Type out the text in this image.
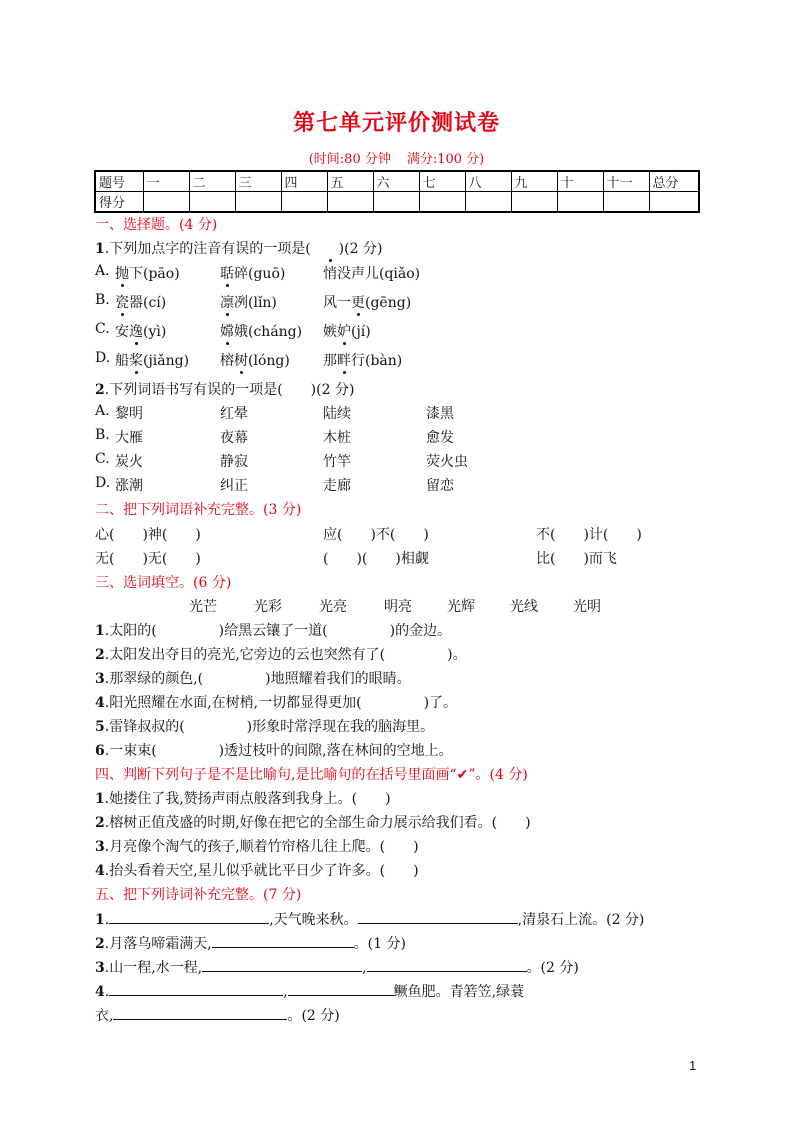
第七单元评价测试卷
(时间:80 分钟 满分:100 分)
题号	一	二	三	四	五	六	七	八	九	十	十一	总分
得分												
一、选择题。(4 分)
1.下列加点字的注音有误的一项是(　　)(2 分)
A. 抛下(pāo)	聒碎(guō)	悄没声儿(qiǎo)
B. 瓷器(cí)	凛冽(lǐn)	风一更(gēng)
C. 安逸(yì)	嫦娥(cháng) 嫉妒(jí)
D. 船桨(jiǎng) 榕树(lóng) 那畔行(bàn)
2.下列词语书写有误的一项是(　　)(2 分)
A. 黎明	红晕	陆续	漆黑
B. 大雁	夜幕	木桩	愈发
C. 炭火	静寂	竹竿	荧火虫
D. 涨潮	纠正	走廊	留恋
二、把下列词语补充完整。(3 分)
心(　　)神(　　)	应(　　)不(　　)	不(　　)计(　　)
无(　　)无(　　)	(　　)(　　)相觑	比(　　)而飞
三、选词填空。(6 分)
光芒	光彩	光亮	明亮	光辉	光线	光明
1.太阳的(	)给黑云镶了一道(	)的金边。
2.太阳发出夺目的亮光,它旁边的云也突然有了(	)。
3.那翠绿的颜色,(	)地照耀着我们的眼睛。
4.阳光照耀在水面,在树梢,一切都显得更加(	)了。
5.雷锋叔叔的(	)形象时常浮现在我的脑海里。
6.一束束(	)透过枝叶的间隙,落在林间的空地上。
四、判断下列句子是不是比喻句,是比喻句的在括号里面画“✔”。(4 分)
1.她搂住了我,赞扬声雨点般落到我身上。(　　)
2.榕树正值茂盛的时期,好像在把它的全部生命力展示给我们看。(　　)
3.月亮像个淘气的孩子,顺着竹帘格儿往上爬。(　　)
4.抬头看着天空,星儿似乎就比平日少了许多。(　　)
五、把下列诗词补充完整。(7 分)
1.	,天气晚来秋。	,清泉石上流。(2 分)
2.月落乌啼霜满天,	。(1 分)
3.山一程,水一程,	,	。(2 分)
4.	,	鳜鱼肥。青箬笠,绿蓑
衣,	。(2 分)
1
